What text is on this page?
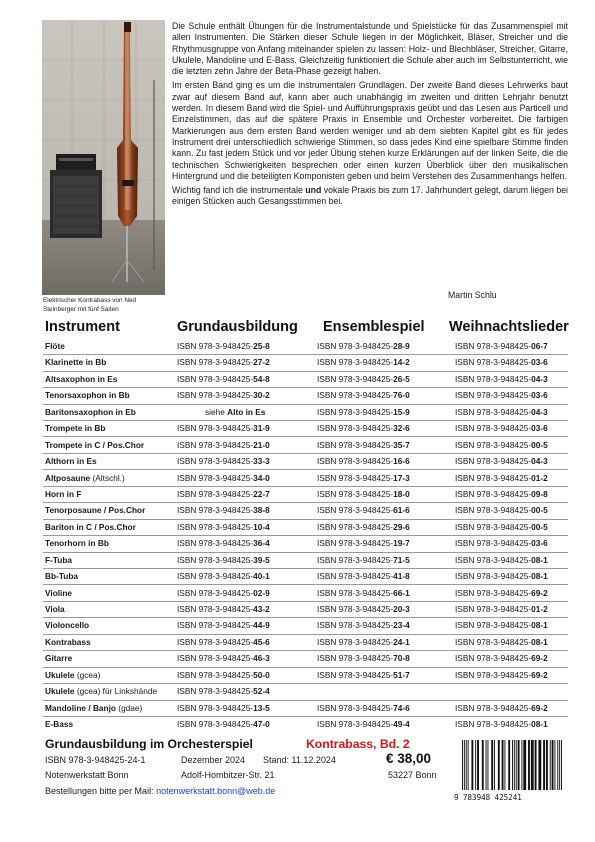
Elektrischer Kontrabass von Ned Steinberger mit fünf Saiten

Die Schule enthält Übungen für die Instrumentalstunde und Spielstücke für das Zusammenspiel mit allen Instrumenten. Die Stärken dieser Schule liegen in der Möglichkeit, Bläser, Streicher und die Rhythmusgruppe von Anfang miteinander spielen zu lassen: Holz- und Blechbläser, Streicher, Gitarre, Ukulele, Mandoline und E-Bass. Gleichzeitig funktioniert die Schule aber auch im Selbstunterricht, wie die letzten zehn Jahre der Beta-Phase gezeigt haben.

Im ersten Band ging es um die instrumentalen Grundlagen. Der zweite Band dieses Lehrwerks baut zwar auf diesem Band auf, kann aber auch unabhängig im zweiten und dritten Lehrjahr benutzt werden. In diesem Band wird die Spiel- und Aufführungspraxis geübt und das Lesen aus Particell und Einzelstimmen, das auf die spätere Praxis in Ensemble und Orchester vorbereitet. Die farbigen Markierungen aus dem ersten Band werden weniger und ab dem siebten Kapitel gibt es für jedes Instrument drei unterschiedlich schwierige Stimmen, so dass jedes Kind eine spielbare Stimme finden kann. Zu fast jedem Stück und vor jeder Übung stehen kurze Erklärungen auf der linken Seite, die die technischen Schwierigkeiten besprechen oder einen kurzen Überblick über den musikalischen Hintergrund und die beteiligten Komponisten geben und beim Verstehen des Zusammenhangs helfen.

Wichtig fand ich die instrumentale und vokale Praxis bis zum 17. Jahrhundert gelegt, darum liegen bei einigen Stücken auch Gesangsstimmen bei.

Martin Schlu
Instrument	Grundausbildung Ensemblespiel Weihnachtslieder
Flöte	ISBN 978-3-948425-25-8	ISBN 978-3-948425-28-9	ISBN 978-3-948425-06-7
Klarinette in Bb	ISBN 978-3-948425-27-2	ISBN 978-3-948425-14-2	ISBN 978-3-948425-03-6
Altsaxophon in Es	ISBN 978-3-948425-54-8	ISBN 978-3-948425-26-5	ISBN 978-3-948425-04-3
Tenorsaxophon in Bb	ISBN 978-3-948425-30-2	ISBN 978-3-948425-76-0	ISBN 978-3-948425-03-6
Baritonsaxophon in Eb	siehe Alto in Es	ISBN 978-3-948425-15-9	ISBN 978-3-948425-04-3
Trompete in Bb	ISBN 978-3-948425-31-9	ISBN 978-3-948425-32-6	ISBN 978-3-948425-03-6
Trompete in C / Pos.Chor	ISBN 978-3-948425-21-0	ISBN 978-3-948425-35-7	ISBN 978-3-948425-00-5
Althorn in Es	ISBN 978-3-948425-33-3	ISBN 978-3-948425-16-6	ISBN 978-3-948425-04-3
Altposaune (Altschl.)	ISBN 978-3-948425-34-0	ISBN 978-3-948425-17-3	ISBN 978-3-948425-01-2
Horn in F	ISBN 978-3-948425-22-7	ISBN 978-3-948425-18-0	ISBN 978-3-948425-09-8
Tenorposaune / Pos.Chor	ISBN 978-3-948425-38-8	ISBN 978-3-948425-61-6	ISBN 978-3-948425-00-5
Bariton in C / Pos.Chor	ISBN 978-3-948425-10-4	ISBN 978-3-948425-29-6	ISBN 978-3-948425-00-5
Tenorhorn in Bb	ISBN 978-3-948425-36-4	ISBN 978-3-948425-19-7	ISBN 978-3-948425-03-6
F-Tuba	ISBN 978-3-948425-39-5	ISBN 978-3-948425-71-5	ISBN 978-3-948425-08-1
Bb-Tuba	ISBN 978-3-948425-40-1	ISBN 978-3-948425-41-8	ISBN 978-3-948425-08-1
Violine	ISBN 978-3-948425-02-9	ISBN 978-3-948425-66-1	ISBN 978-3-948425-69-2
Viola	ISBN 978-3-948425-43-2	ISBN 978-3-948425-20-3	ISBN 978-3-948425-01-2
Violoncello	ISBN 978-3-948425-44-9	ISBN 978-3-948425-23-4	ISBN 978-3-948425-08-1
Kontrabass	ISBN 978-3-948425-45-6	ISBN 978-3-948425-24-1	ISBN 978-3-948425-08-1
Gitarre	ISBN 978-3-948425-46-3	ISBN 978-3-948425-70-8	ISBN 978-3-948425-69-2
Ukulele (gcea)	ISBN 978-3-948425-50-0	ISBN 978-3-948425-51-7	ISBN 978-3-948425-69-2
Ukulele (gcea) für Linkshände ISBN 978-3-948425-52-4
Mandoline / Banjo (gdae)	ISBN 978-3-948425-13-5	ISBN 978-3-948425-74-6	ISBN 978-3-948425-69-2
E-Bass	ISBN 978-3-948425-47-0	ISBN 978-3-948425-49-4	ISBN 978-3-948425-08-1
Grundausbildung im Orchesterspiel	Kontrabass, Bd. 2
ISBN 978-3-948425-24-1	Dezember 2024 Stand: 11.12.2024	€ 38,00
Notenwerkstatt Bonn	Adolf-Hombitzer-Str. 21	53227 Bonn
Bestellungen bitte per Mail: notenwerkstatt.bonn@web.de
9 783948 425241
